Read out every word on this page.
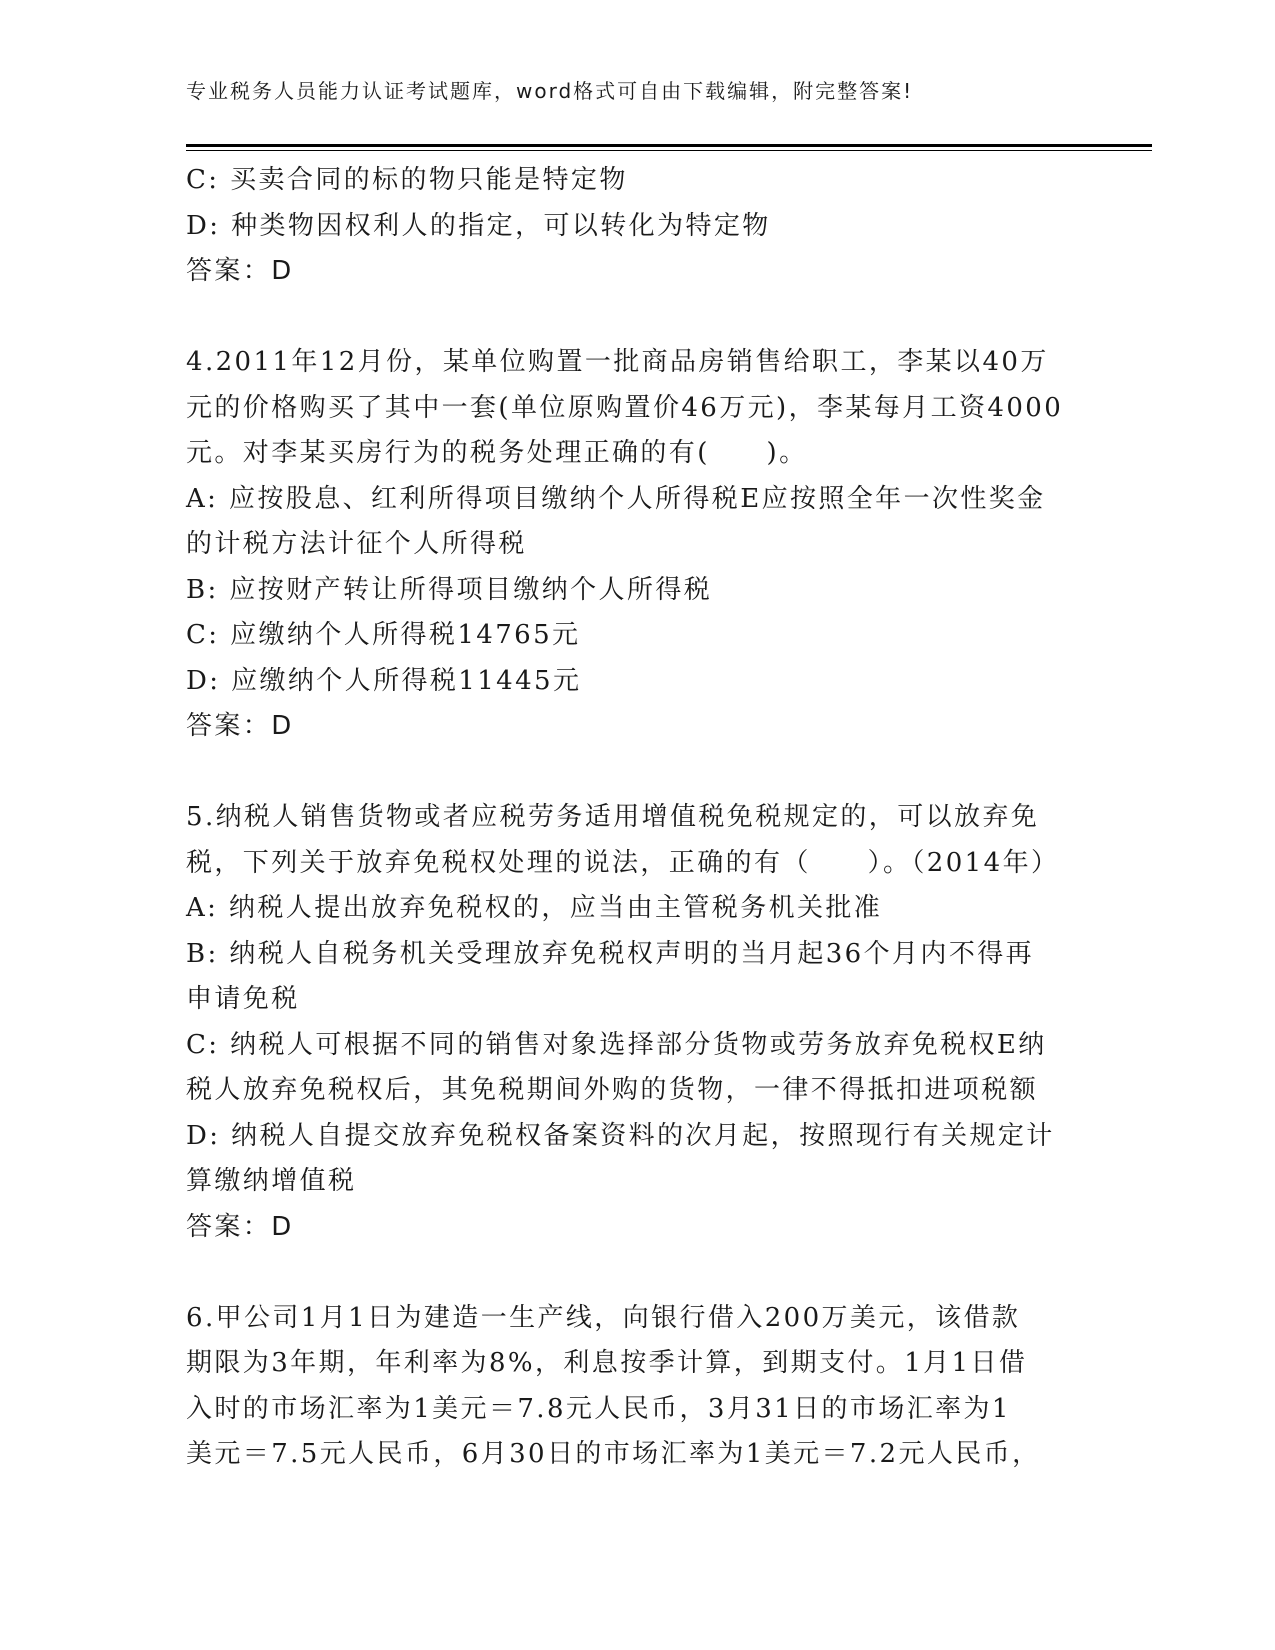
专业税务人员能力认证考试题库，word格式可自由下载编辑，附完整答案!
C: 买卖合同的标的物只能是特定物
D: 种类物因权利人的指定，可以转化为特定物
答案：D
4.2011年12月份，某单位购置一批商品房销售给职工，李某以40万
元的价格购买了其中一套(单位原购置价46万元)，李某每月工资4000
元。对李某买房行为的税务处理正确的有(　　)。
A: 应按股息、红利所得项目缴纳个人所得税E应按照全年一次性奖金
的计税方法计征个人所得税
B: 应按财产转让所得项目缴纳个人所得税
C: 应缴纳个人所得税14765元
D: 应缴纳个人所得税11445元
答案：D
5.纳税人销售货物或者应税劳务适用增值税免税规定的，可以放弃免
税，下列关于放弃免税权处理的说法，正确的有（　　）。（2014年）
A: 纳税人提出放弃免税权的，应当由主管税务机关批准
B: 纳税人自税务机关受理放弃免税权声明的当月起36个月内不得再
申请免税
C: 纳税人可根据不同的销售对象选择部分货物或劳务放弃免税权E纳
税人放弃免税权后，其免税期间外购的货物，一律不得抵扣进项税额
D: 纳税人自提交放弃免税权备案资料的次月起，按照现行有关规定计
算缴纳增值税
答案：D
6.甲公司1月1日为建造一生产线，向银行借入200万美元，该借款
期限为3年期，年利率为8%，利息按季计算，到期支付。1月1日借
入时的市场汇率为1美元＝7.8元人民币，3月31日的市场汇率为1
美元＝7.5元人民币，6月30日的市场汇率为1美元＝7.2元人民币，
